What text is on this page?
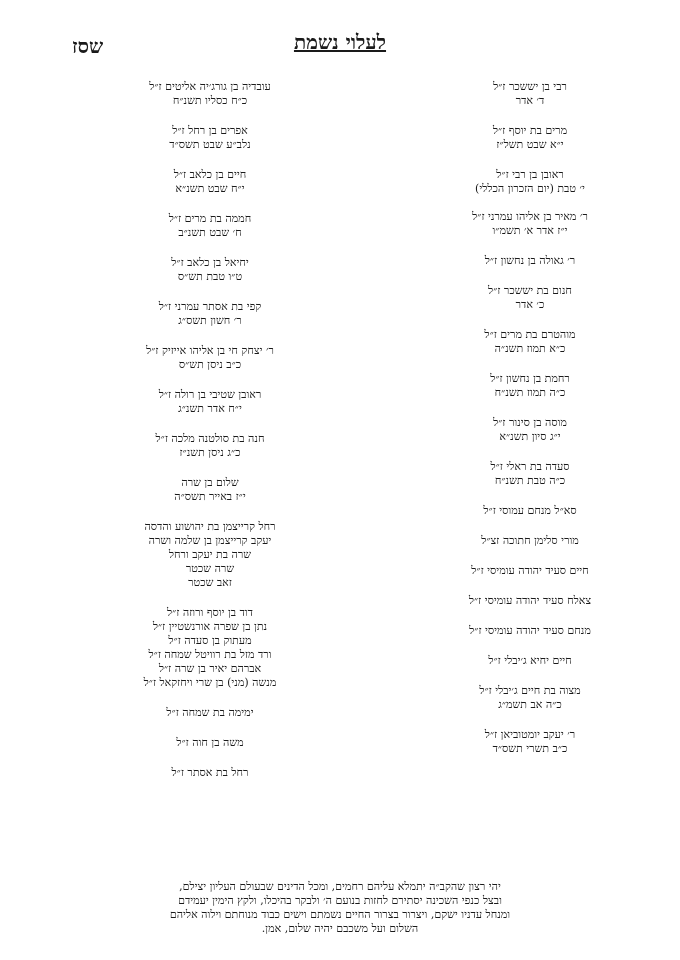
שסז	לעלוי נשמת
רבי בן יששכר ז״ל
ד׳ אדר
מרים בת יוסף ז״ל
י״א שבט תשל״ז
ראובן בן רבי ז״ל
י׳ טבת (יום הזכרון הכללי)
ר׳ מאיר בן אליהו עמרני ז״ל
י״ז אדר א׳ תשמ״ו
ר׳ גאולה בן נחשון ז״ל
חנום בת יששכר ז״ל
כ׳ אדר
מוהטרם בת מרים ז״ל
כ״א תמוז תשנ״ה
רחמת בן נחשון ז״ל
כ״ה תמוז תשנ״ח
מוסה בן סינור ז״ל
י״ג סיון תשנ״א
סעדה בת ראלי ז״ל
כ״ה טבת תשנ״ח
סא״ל מנחם עמוסי ז״ל
מורי סלימן חתוכה זצ״ל
חיים סעיד יהודה עומיסי ז״ל
צאלח סעיד יהודה עומיסי ז״ל
מנחם סעיד יהודה עומיסי ז״ל
חיים יחיא ג׳יבלי ז״ל
מצוה בת חיים ג׳יבלי ז״ל
כ״ה אב תשמ״ג
ר׳ יעקב יומטוביאן ז״ל
כ״ב תשרי תשס״ד
עובדיה בן גורג׳יה אליטים ז״ל
כ״ח כסליו תשנ״ח
אפרים בן רחל ז״ל
נלב״ע שבט תשס״ד
חיים בן כלאב ז״ל
י״ח שבט תשנ״א
חממה בת מרים ז״ל
ח׳ שבט תשנ״ב
יחיאל בן כלאב ז״ל
ט״ו טבת תש״ס
קפי בת אסתר עמרני ז״ל
ר׳ חשון תשס״ג
ר׳ יצחק חי בן אליהו אייזיק ז״ל
כ״ב ניסן תש״ס
ראובן שטיבי בן רולה ז״ל
י״ח אדר תשנ״ג
חנה בת סולטנה מלכה ז״ל
כ״ג ניסן תשנ״ז
שלום בן שרה
י״ז באייר תשס״ה
רחל קרייצמן בת יהושוע והדסה
יעקב קרייצמן בן שלמה ושרה
שרה בת יעקב ורחל
שרה שכטר
זאב שכטר
דוד בן יוסף ורוזה ז״ל
נתן בן שפרה אורנשטיין ז״ל
מעתוק בן סעדה ז״ל
ורד מזל בת רוויטל שמחה ז״ל
אברהם יאיר בן שרה ז״ל
מנשה (מני) בן שרי ויחזקאל ז״ל
ימימה בת שמחה ז״ל
משה בן חוה ז״ל
רחל בת אסתר ז״ל
יהי רצון שהקב״ה יתמלא עליהם רחמים, ומכל הדינים שבעולם העליון יצילם,
ובצל כנפי השכינה יסתירם לחזות בנועם ה׳ ולבקר בהיכלו, ולקץ הימין יעמידם
ומנחל עדניו ישקם, ויצרור בצרור החיים נשמתם וישים כבוד מנוחתם וילוה אליהם
השלום ועל משכבם יהיה שלום, אמן.
